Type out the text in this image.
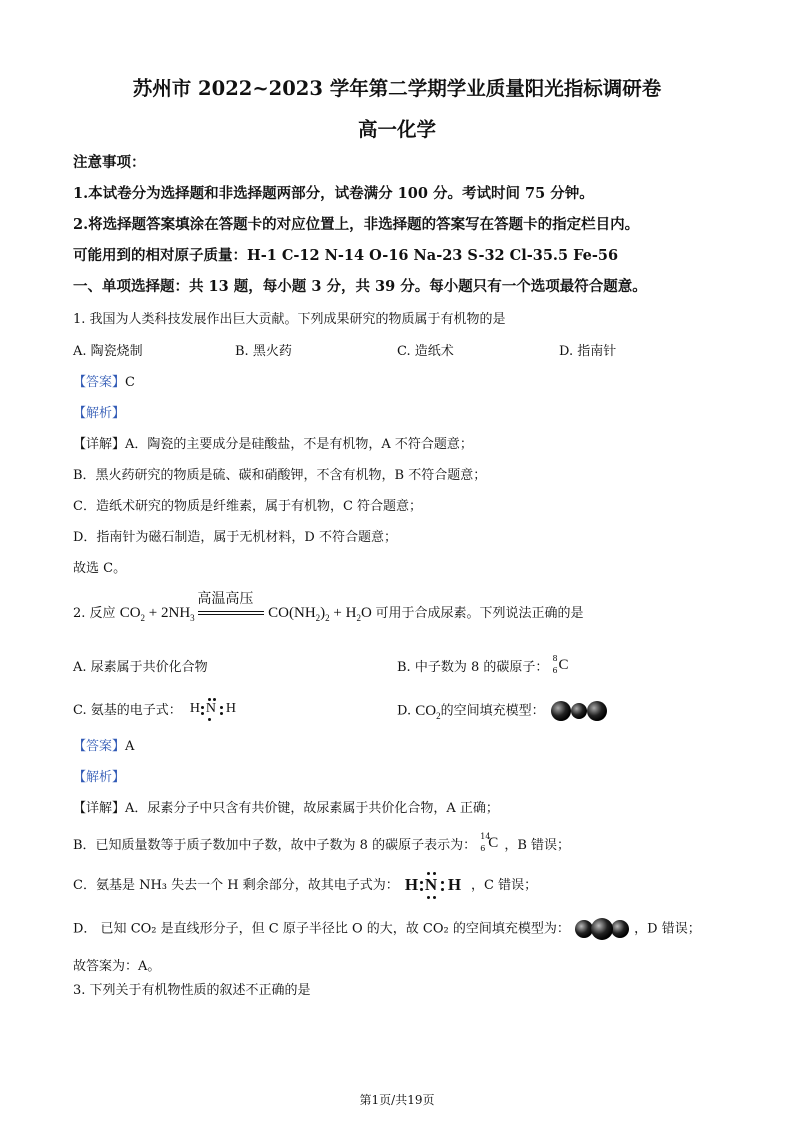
苏州市 2022~2023 学年第二学期学业质量阳光指标调研卷
高一化学
注意事项：
1.本试卷分为选择题和非选择题两部分，试卷满分 100 分。考试时间 75 分钟。
2.将选择题答案填涂在答题卡的对应位置上，非选择题的答案写在答题卡的指定栏目内。
可能用到的相对原子质量：H-1 C-12 N-14 O-16 Na-23 S-32 Cl-35.5 Fe-56
一、单项选择题：共 13 题，每小题 3 分，共 39 分。每小题只有一个选项最符合题意。
1. 我国为人类科技发展作出巨大贡献。下列成果研究的物质属于有机物的是
A. 陶瓷烧制	B. 黑火药	C. 造纸术	D. 指南针
【答案】C
【解析】
【详解】A．陶瓷的主要成分是硅酸盐，不是有机物，A 不符合题意；
B．黑火药研究的物质是硫、碳和硝酸钾，不含有机物，B 不符合题意；
C．造纸术研究的物质是纤维素，属于有机物，C 符合题意；
D．指南针为磁石制造，属于无机材料，D 不符合题意；
故选 C。
2. 反应 $CO_2 + 2NH_3$
高温高压
$CO(NH_2)_2 + H_2O$ 可用于合成尿素。下列说法正确的是
A. 尿素属于共价化合物	B. 中子数为 8 的碳原子：
8
6 C
C. 氨基的电子式： H N H	D. $CO_2$的空间填充模型：
【答案】A
【解析】
【详解】A．尿素分子中只含有共价键，故尿素属于共价化合物，A 正确；
B．已知质量数等于质子数加中子数，故中子数为 8 的碳原子表示为：
14
6 C ，B 错误；
C．氨基是 NH₃ 失去一个 H 剩余部分，故其电子式为： H N H ，C 错误；
D． 已知 CO₂ 是直线形分子，但 C 原子半径比 O 的大，故 CO₂ 的空间填充模型为：	，D 错误；
故答案为：A。
3. 下列关于有机物性质的叙述不正确的是
第1页/共19页
